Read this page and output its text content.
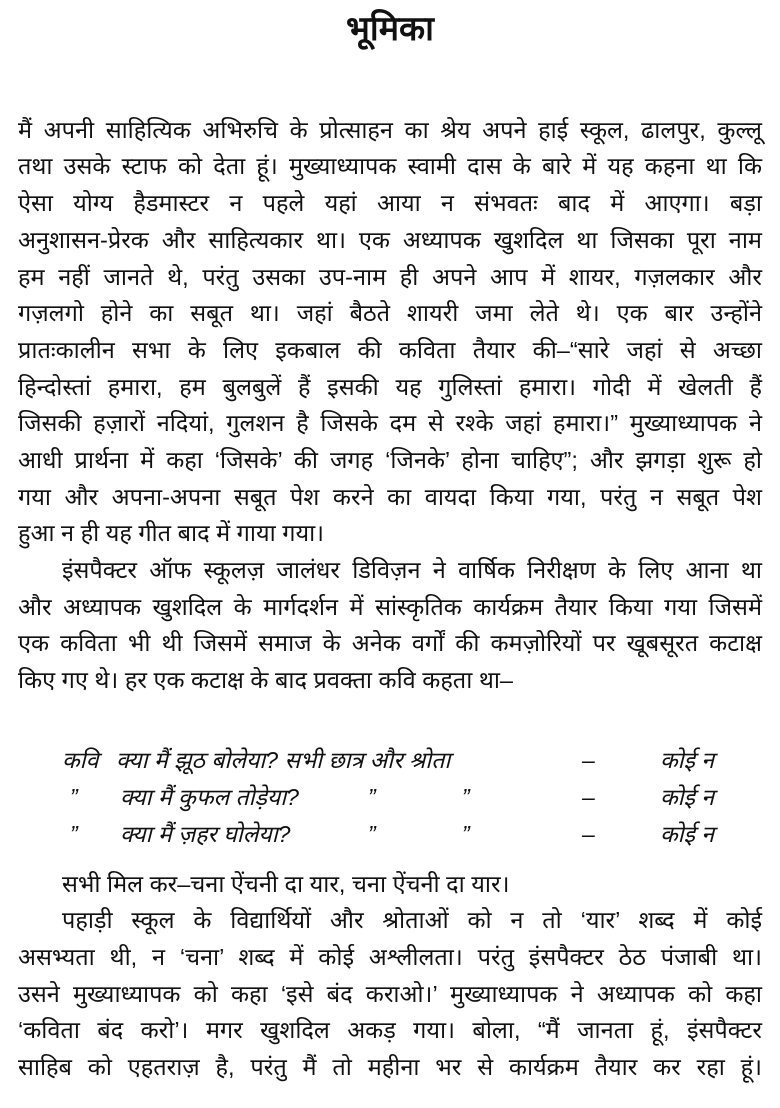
भूमिका
मैं अपनी साहित्यिक अभिरुचि के प्रोत्साहन का श्रेय अपने हाई स्कूल, ढालपुर, कुल्लू
तथा उसके स्टाफ को देता हूं। मुख्याध्यापक स्वामी दास के बारे में यह कहना था कि
ऐसा योग्य हैडमास्टर न पहले यहां आया न संभवतः बाद में आएगा। बड़ा
अनुशासन-प्रेरक और साहित्यकार था। एक अध्यापक खुशदिल था जिसका पूरा नाम
हम नहीं जानते थे, परंतु उसका उप-नाम ही अपने आप में शायर, गज़लकार और
गज़लगो होने का सबूत था। जहां बैठते शायरी जमा लेते थे। एक बार उन्होंने
प्रातःकालीन सभा के लिए इकबाल की कविता तैयार की–“सारे जहां से अच्छा
हिन्दोस्तां हमारा, हम बुलबुलें हैं इसकी यह गुलिस्तां हमारा। गोदी में खेलती हैं
जिसकी हज़ारों नदियां, गुलशन है जिसके दम से रश्के जहां हमारा।” मुख्याध्यापक ने
आधी प्रार्थना में कहा ‘जिसके’ की जगह ‘जिनके’ होना चाहिए”; और झगड़ा शुरू हो
गया और अपना-अपना सबूत पेश करने का वायदा किया गया, परंतु न सबूत पेश
हुआ न ही यह गीत बाद में गाया गया।
इंसपैक्टर ऑफ स्कूलज़ जालंधर डिविज़न ने वार्षिक निरीक्षण के लिए आना था
और अध्यापक खुशदिल के मार्गदर्शन में सांस्कृतिक कार्यक्रम तैयार किया गया जिसमें
एक कविता भी थी जिसमें समाज के अनेक वर्गों की कमज़ोरियों पर खूबसूरत कटाक्ष
किए गए थे। हर एक कटाक्ष के बाद प्रवक्ता कवि कहता था–
कवि क्या मैं झूठ बोलेया? सभी छात्र और श्रोता	–	कोई न
” क्या मैं कुफल तोड़ेया?	”	”	–	कोई न
” क्या मैं ज़हर घोलेया?	”	”	–	कोई न
सभी मिल कर–चना ऐंचनी दा यार, चना ऐंचनी दा यार।
पहाड़ी स्कूल के विद्यार्थियों और श्रोताओं को न तो ‘यार’ शब्द में कोई
असभ्यता थी, न ‘चना’ शब्द में कोई अश्लीलता। परंतु इंसपैक्टर ठेठ पंजाबी था।
उसने मुख्याध्यापक को कहा ‘इसे बंद कराओ।’ मुख्याध्यापक ने अध्यापक को कहा
‘कविता बंद करो’। मगर खुशदिल अकड़ गया। बोला, “मैं जानता हूं, इंसपैक्टर
साहिब को एहतराज़ है, परंतु मैं तो महीना भर से कार्यक्रम तैयार कर रहा हूं।
